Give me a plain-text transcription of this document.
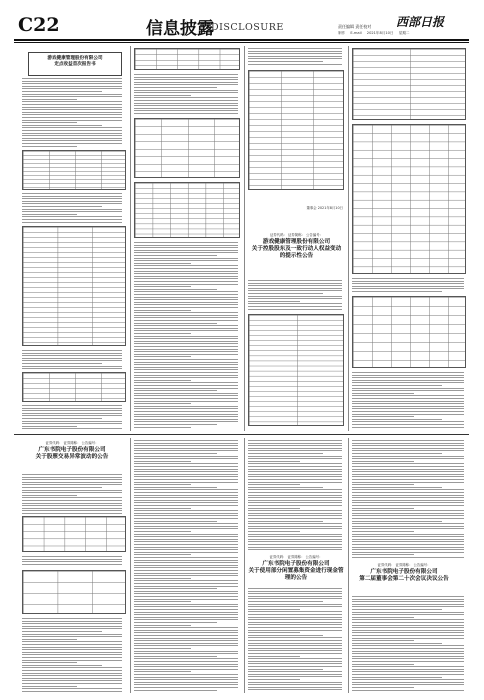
C22	信息披露
DISCLOSURE	西部日报
责任编辑 责任校对
制作 E-mail 2021年8月10日 星期二
游戏健康管理股份有限公司
定点收益首次报告书
证券代码： 证券简称： 公告编号：
游戏健康管理股份有限公司
关于控股股东及一致行动人权益变动的提示性公告
董事会 2021年8月10日
证券代码： 证券简称： 公告编号：
广东书院电子股份有限公司
关于股票交易异常波动的公告
证券代码： 证券简称： 公告编号：
广东书院电子股份有限公司
关于使用部分闲置募集资金进行现金管理的公告
证券代码： 证券简称： 公告编号：
广东书院电子股份有限公司
第二届董事会第二十次会议决议公告
